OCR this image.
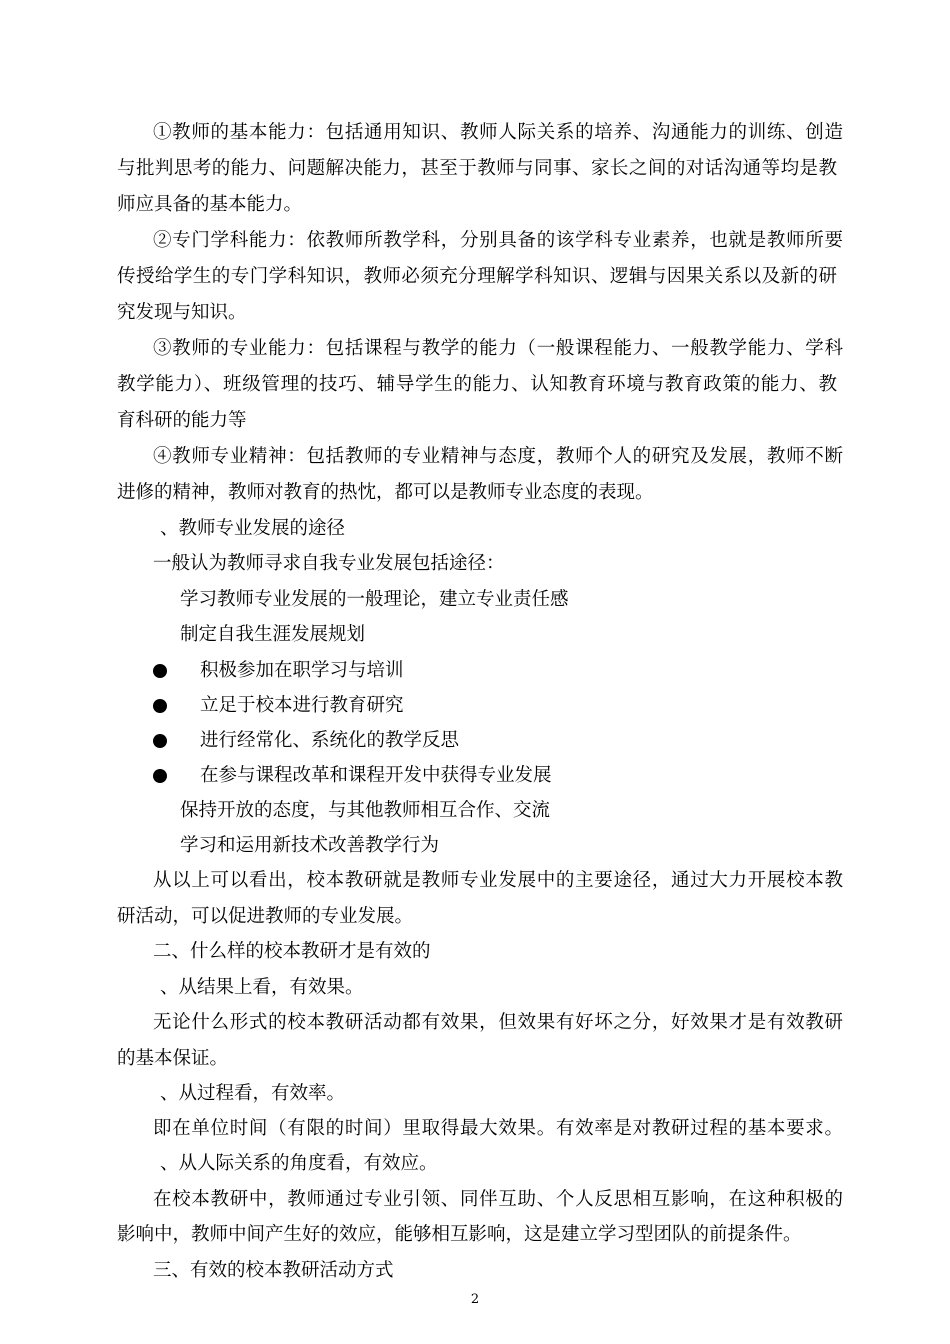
①教师的基本能力：包括通用知识、教师人际关系的培养、沟通能力的训练、创造
与批判思考的能力、问题解决能力，甚至于教师与同事、家长之间的对话沟通等均是教
师应具备的基本能力。
②专门学科能力：依教师所教学科，分别具备的该学科专业素养，也就是教师所要
传授给学生的专门学科知识，教师必须充分理解学科知识、逻辑与因果关系以及新的研
究发现与知识。
③教师的专业能力：包括课程与教学的能力（一般课程能力、一般教学能力、学科
教学能力）、班级管理的技巧、辅导学生的能力、认知教育环境与教育政策的能力、教
育科研的能力等
④教师专业精神：包括教师的专业精神与态度，教师个人的研究及发展，教师不断
进修的精神，教师对教育的热忱，都可以是教师专业态度的表现。
、教师专业发展的途径
一般认为教师寻求自我专业发展包括途径：
学习教师专业发展的一般理论，建立专业责任感
制定自我生涯发展规划
积极参加在职学习与培训
立足于校本进行教育研究
进行经常化、系统化的教学反思
在参与课程改革和课程开发中获得专业发展
保持开放的态度，与其他教师相互合作、交流
学习和运用新技术改善教学行为
从以上可以看出，校本教研就是教师专业发展中的主要途径，通过大力开展校本教
研活动，可以促进教师的专业发展。
二、什么样的校本教研才是有效的
、从结果上看，有效果。
无论什么形式的校本教研活动都有效果，但效果有好坏之分，好效果才是有效教研
的基本保证。
、从过程看，有效率。
即在单位时间（有限的时间）里取得最大效果。有效率是对教研过程的基本要求。
、从人际关系的角度看，有效应。
在校本教研中，教师通过专业引领、同伴互助、个人反思相互影响，在这种积极的
影响中，教师中间产生好的效应，能够相互影响，这是建立学习型团队的前提条件。
三、有效的校本教研活动方式
2
